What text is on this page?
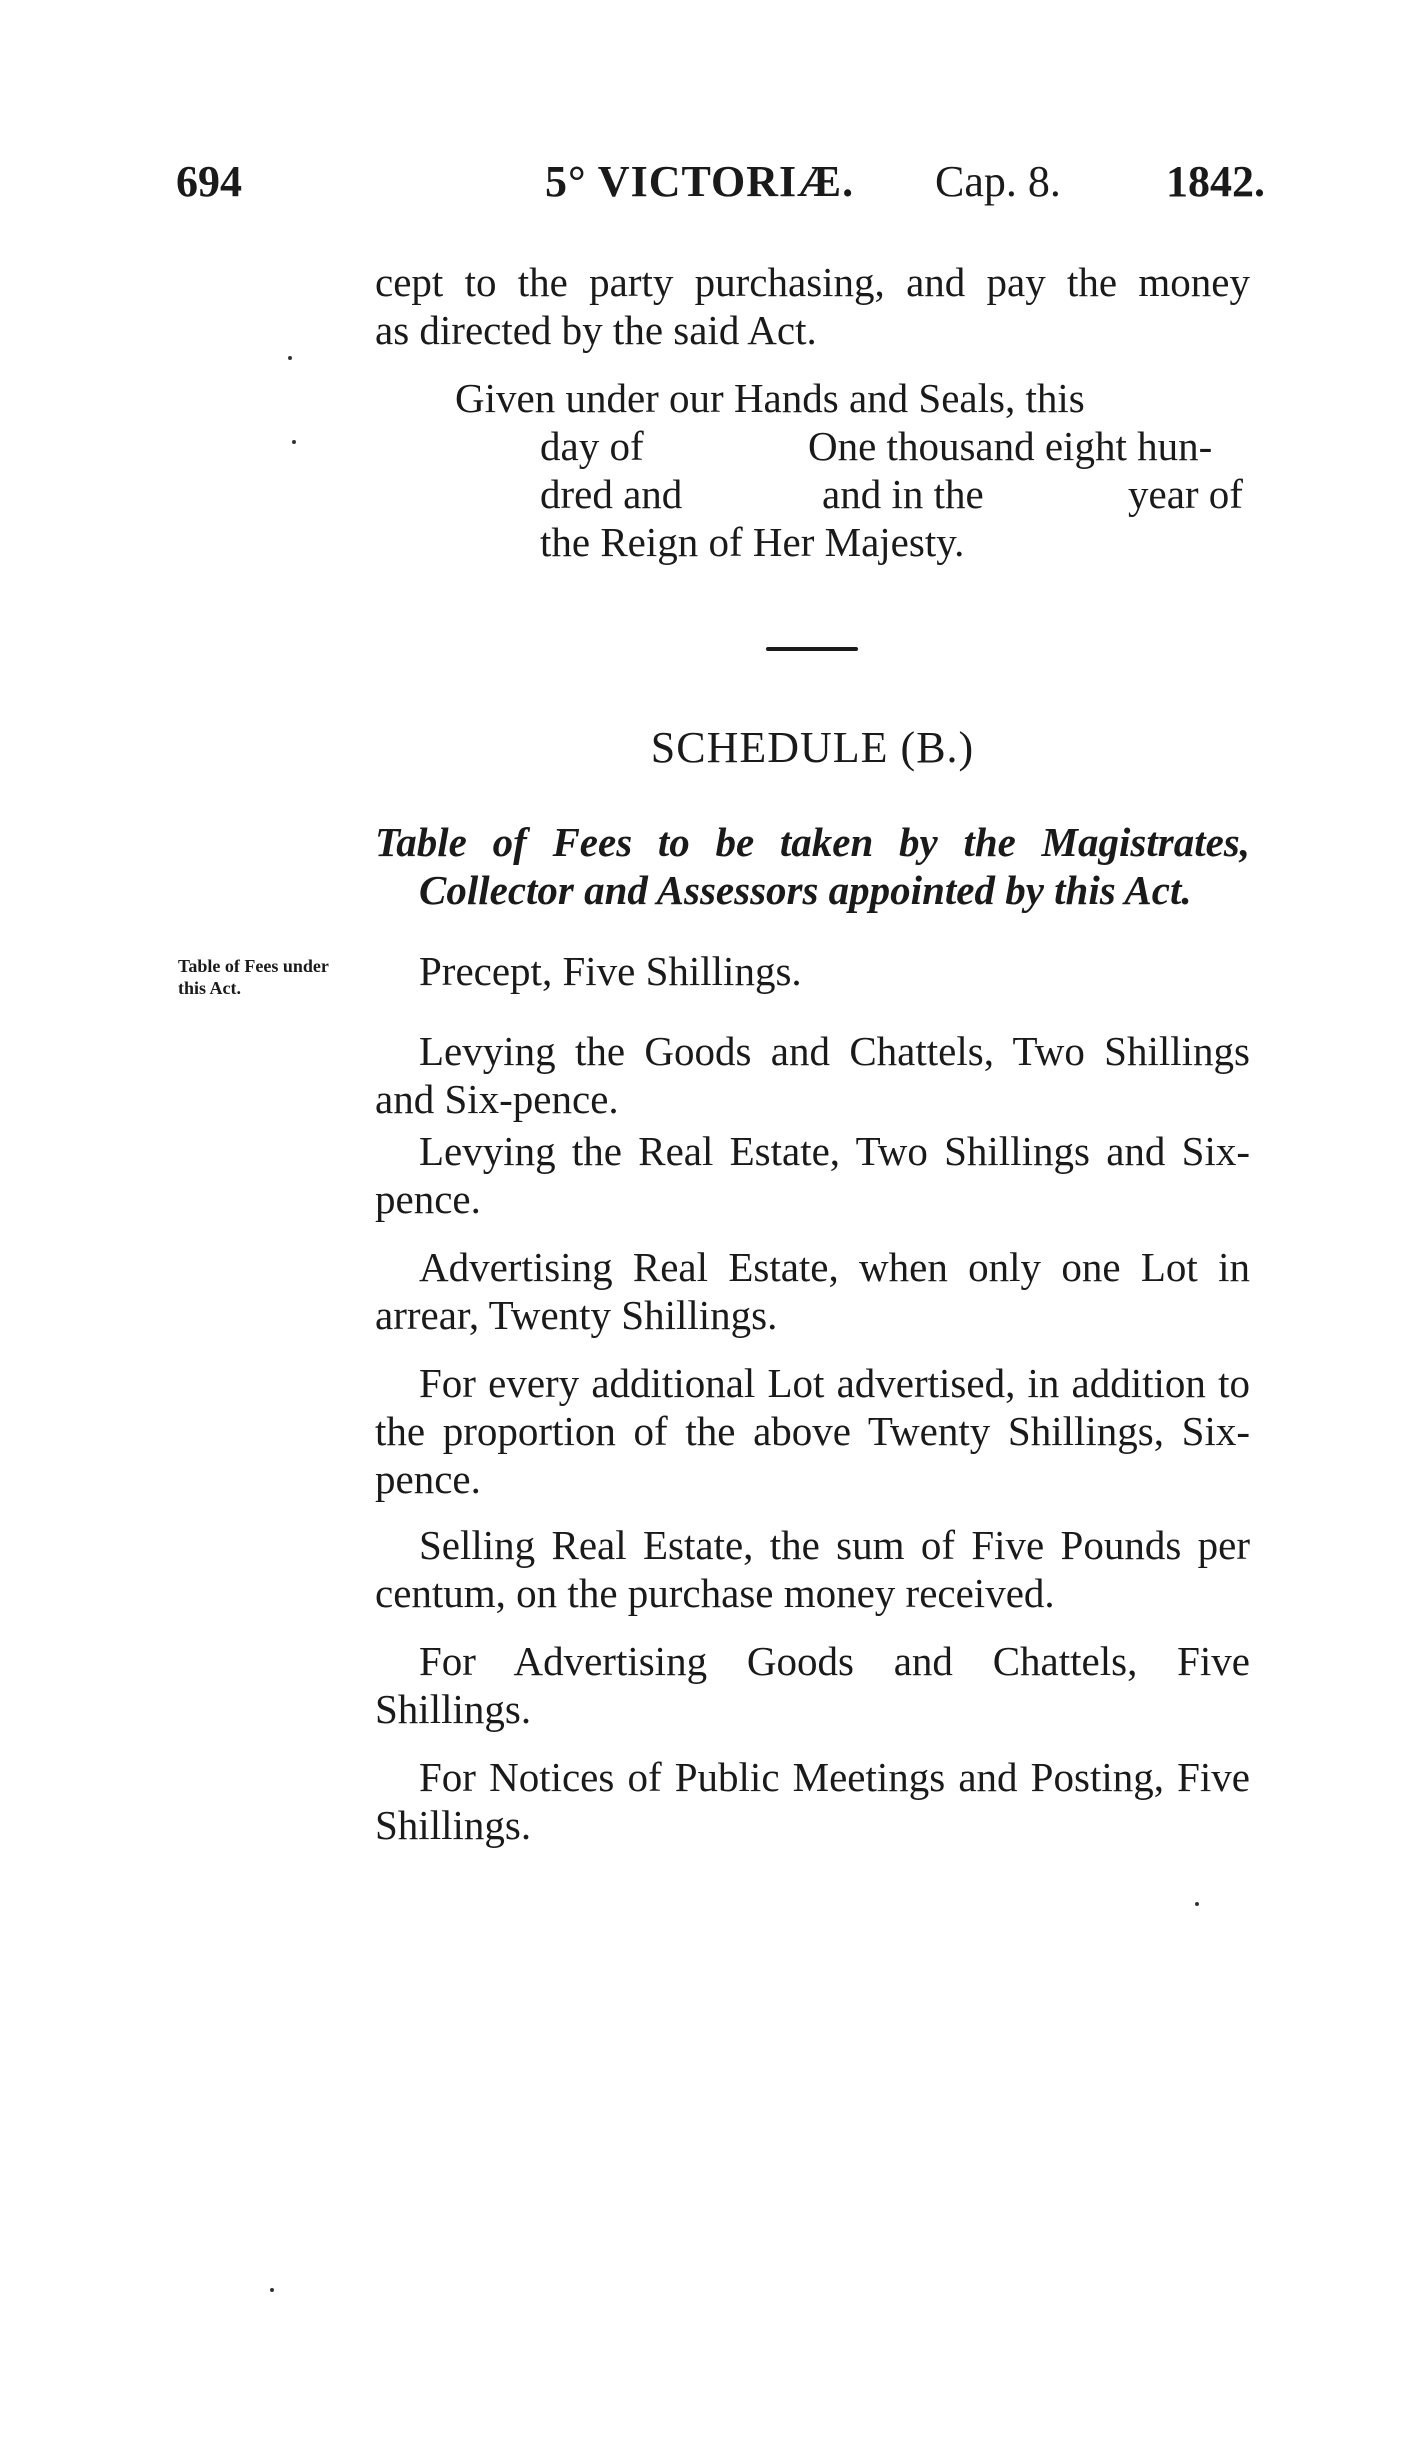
694	5° VICTORIÆ. Cap. 8. 1842.
cept to the party purchasing, and pay the money
as directed by the said Act.
Given under our Hands and Seals, this
day of	One thousand eight hun-
dred and	and in the	year of
the Reign of Her Majesty.
SCHEDULE (B.)
Table of Fees to be taken by the Magistrates,
Collector and Assessors appointed by this Act.
Table of Fees under this Act.	Precept, Five Shillings.
Levying the Goods and Chattels, Two Shillings and Six-pence.
Levying the Real Estate, Two Shillings and Six-pence.
Advertising Real Estate, when only one Lot in arrear, Twenty Shillings.
For every additional Lot advertised, in addition to the proportion of the above Twenty Shillings, Six-pence.
Selling Real Estate, the sum of Five Pounds per centum, on the purchase money received.
For Advertising Goods and Chattels, Five Shillings.
For Notices of Public Meetings and Posting, Five Shillings.
